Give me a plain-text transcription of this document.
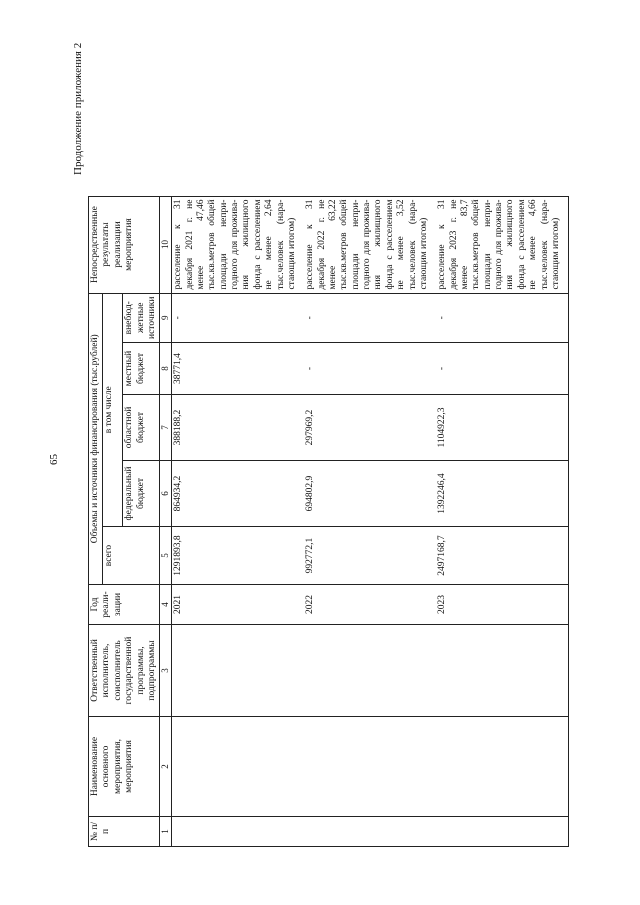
65
Продолжение приложения 2
№ п/п	Наименование основного мероприятия, мероприятия	Ответственный исполнитель, соисполнитель государственной программы, подпрограммы	Год реали- зации	Объемы и источники финансирования (тыс.рублей)					Непосредственные результаты реализации мероприятия
				всего	в том числе				
					федеральный бюджет	областной бюджет	местный бюджет	внебюд- жетные источники	
1	2	3	4	5	6	7	8	9	10
			2021	1291893,8	864934,2	388188,2	38771,4	-	расселение к 31 декабря 2021 г. не менее 47,46 тыс.кв.метров общей площади непри- годного для прожива- ния жилищного фонда с расселением не менее 2,64 тыс.человек (нара- стающим итогом)
			2022	992772,1	694802,9	297969,2	-	-	расселение к 31 декабря 2022 г. не менее 63,22 тыс.кв.метров общей площади непри- годного для прожива- ния жилищного фонда с расселением не менее 3,52 тыс.человек (нара- стающим итогом)
			2023	2497168,7	1392246,4	1104922,3	-	-	расселение к 31 декабря 2023 г. не менее 83,7 тыс.кв.метров общей площади непри- годного для прожива- ния жилищного фонда с расселением не менее 4,66 тыс.человек (нара- стающим итогом)
